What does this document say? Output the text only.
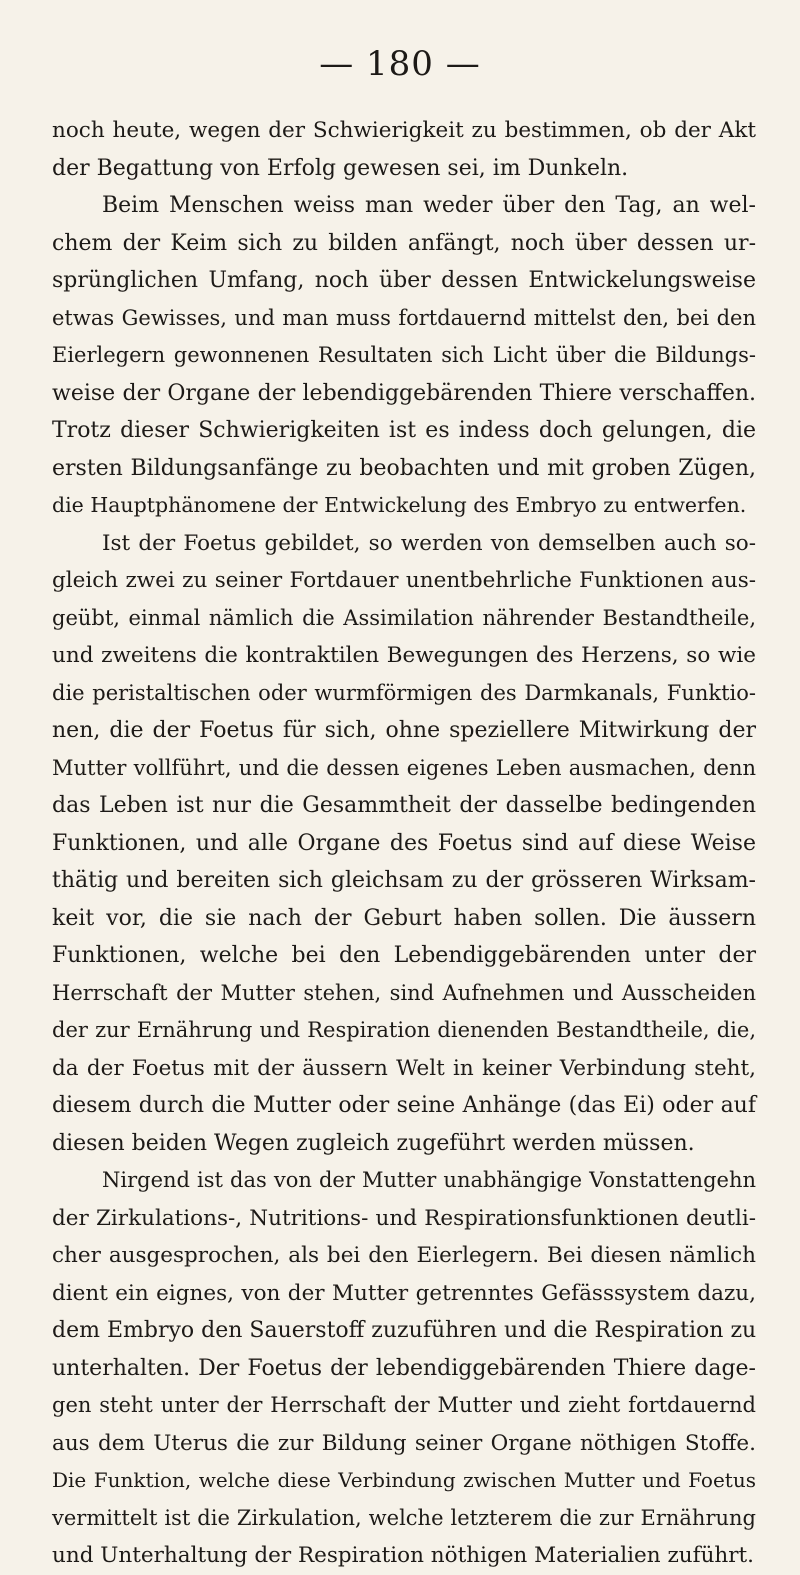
— 180 —
noch heute, wegen der Schwierigkeit zu bestimmen, ob der Akt
der Begattung von Erfolg gewesen sei, im Dunkeln.
Beim Menschen weiss man weder über den Tag, an wel-
chem der Keim sich zu bilden anfängt, noch über dessen ur-
sprünglichen Umfang, noch über dessen Entwickelungsweise
etwas Gewisses, und man muss fortdauernd mittelst den, bei den
Eierlegern gewonnenen Resultaten sich Licht über die Bildungs-
weise der Organe der lebendiggebärenden Thiere verschaffen.
Trotz dieser Schwierigkeiten ist es indess doch gelungen, die
ersten Bildungsanfänge zu beobachten und mit groben Zügen,
die Hauptphänomene der Entwickelung des Embryo zu entwerfen.
Ist der Foetus gebildet, so werden von demselben auch so-
gleich zwei zu seiner Fortdauer unentbehrliche Funktionen aus-
geübt, einmal nämlich die Assimilation nährender Bestandtheile,
und zweitens die kontraktilen Bewegungen des Herzens, so wie
die peristaltischen oder wurmförmigen des Darmkanals, Funktio-
nen, die der Foetus für sich, ohne speziellere Mitwirkung der
Mutter vollführt, und die dessen eigenes Leben ausmachen, denn
das Leben ist nur die Gesammtheit der dasselbe bedingenden
Funktionen, und alle Organe des Foetus sind auf diese Weise
thätig und bereiten sich gleichsam zu der grösseren Wirksam-
keit vor, die sie nach der Geburt haben sollen. Die äussern
Funktionen, welche bei den Lebendiggebärenden unter der
Herrschaft der Mutter stehen, sind Aufnehmen und Ausscheiden
der zur Ernährung und Respiration dienenden Bestandtheile, die,
da der Foetus mit der äussern Welt in keiner Verbindung steht,
diesem durch die Mutter oder seine Anhänge (das Ei) oder auf
diesen beiden Wegen zugleich zugeführt werden müssen.
Nirgend ist das von der Mutter unabhängige Vonstattengehn
der Zirkulations-, Nutritions- und Respirationsfunktionen deutli-
cher ausgesprochen, als bei den Eierlegern. Bei diesen nämlich
dient ein eignes, von der Mutter getrenntes Gefässsystem dazu,
dem Embryo den Sauerstoff zuzuführen und die Respiration zu
unterhalten. Der Foetus der lebendiggebärenden Thiere dage-
gen steht unter der Herrschaft der Mutter und zieht fortdauernd
aus dem Uterus die zur Bildung seiner Organe nöthigen Stoffe.
Die Funktion, welche diese Verbindung zwischen Mutter und Foetus
vermittelt ist die Zirkulation, welche letzterem die zur Ernährung
und Unterhaltung der Respiration nöthigen Materialien zuführt.
